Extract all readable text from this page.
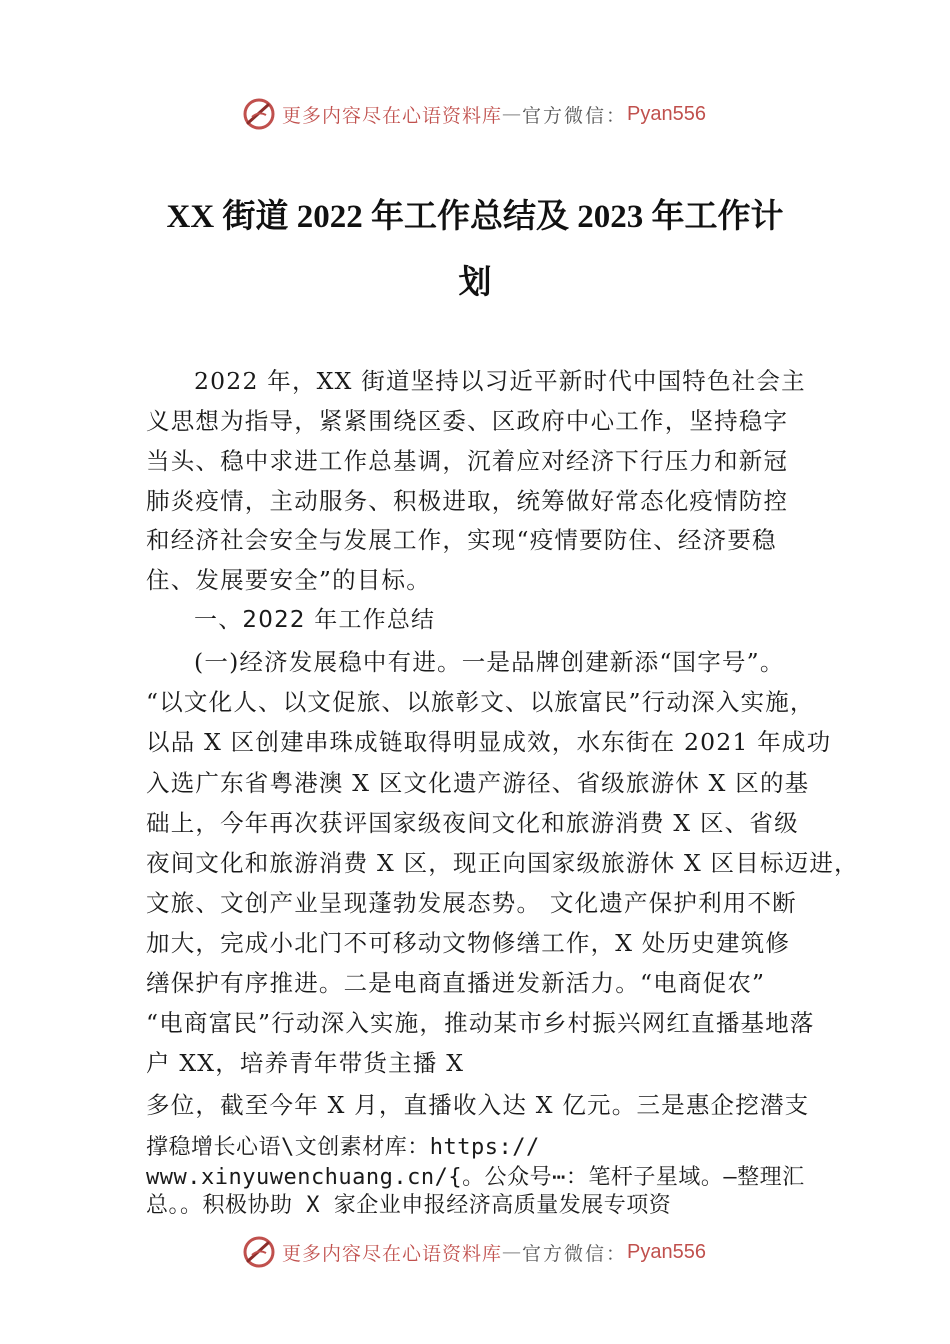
更多内容尽在心语资料库 — 官方微信： Pyan556
XX 街道 2022 年工作总结及 2023 年工作计
划
2022 年，XX 街道坚持以习近平新时代中国特色社会主
义思想为指导，紧紧围绕区委、区政府中心工作，坚持稳字
当头、稳中求进工作总基调，沉着应对经济下行压力和新冠
肺炎疫情，主动服务、积极进取，统筹做好常态化疫情防控
和经济社会安全与发展工作，实现“疫情要防住、经济要稳
住、发展要安全”的目标。
一、2022 年工作总结
(一)经济发展稳中有进。一是品牌创建新添“国字号”。
“以文化人、以文促旅、以旅彰文、以旅富民”行动深入实施，
以品 X 区创建串珠成链取得明显成效，水东街在 2021 年成功
入选广东省粤港澳 X 区文化遗产游径、省级旅游休 X 区的基
础上，今年再次获评国家级夜间文化和旅游消费 X 区、省级
夜间文化和旅游消费 X 区，现正向国家级旅游休 X 区目标迈进，
文旅、文创产业呈现蓬勃发展态势。 文化遗产保护利用不断
加大，完成小北门不可移动文物修缮工作，X 处历史建筑修
缮保护有序推进。二是电商直播迸发新活力。“电商促农”
“电商富民”行动深入实施，推动某市乡村振兴网红直播基地落
户 XX，培养青年带货主播 X
多位，截至今年 X 月，直播收入达 X 亿元。三是惠企挖潜支
撑稳增长心语\文创素材库：https://
www.xinyuwenchuang.cn/{。公众号⋯：笔杆子星域。—整理汇
总。。积极协助 X 家企业申报经济高质量发展专项资
更多内容尽在心语资料库 — 官方微信： Pyan556
